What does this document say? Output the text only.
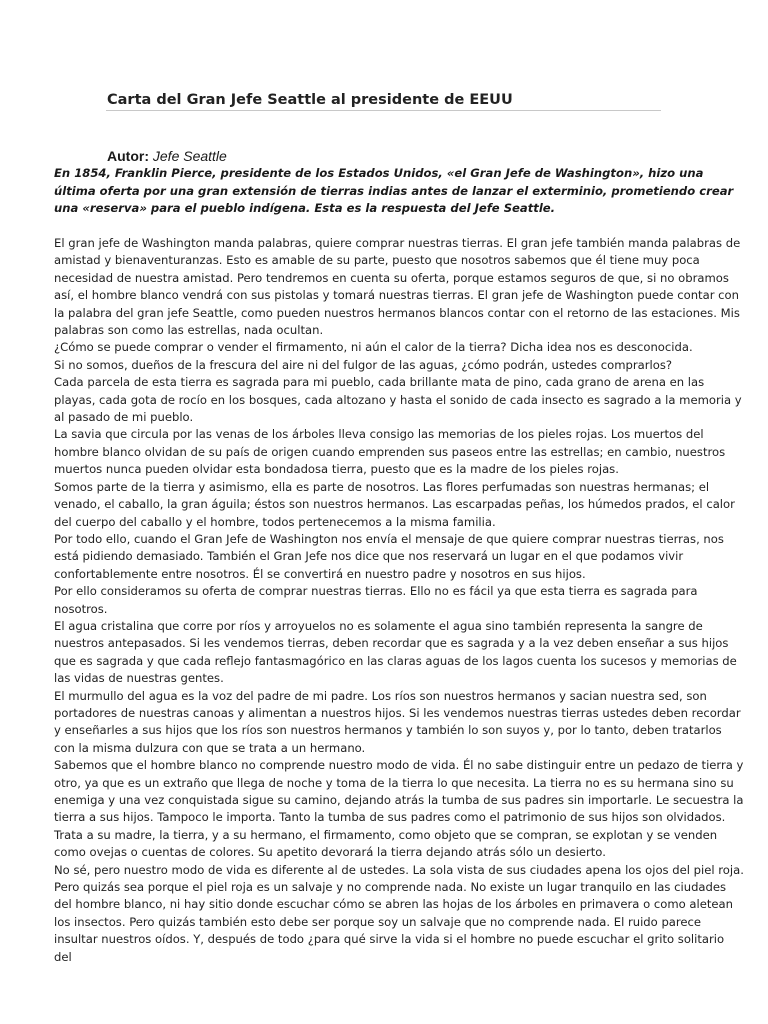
Carta del Gran Jefe Seattle al presidente de EEUU
Autor: Jefe Seattle
En 1854, Franklin Pierce, presidente de los Estados Unidos, «el Gran Jefe de Washington», hizo una última oferta por una gran extensión de tierras indias antes de lanzar el exterminio, prometiendo crear una «reserva» para el pueblo indígena. Esta es la respuesta del Jefe Seattle.

El gran jefe de Washington manda palabras, quiere comprar nuestras tierras. El gran jefe también manda palabras de amistad y bienaventuranzas. Esto es amable de su parte, puesto que nosotros sabemos que él tiene muy poca necesidad de nuestra amistad. Pero tendremos en cuenta su oferta, porque estamos seguros de que, si no obramos así, el hombre blanco vendrá con sus pistolas y tomará nuestras tierras. El gran jefe de Washington puede contar con la palabra del gran jefe Seattle, como pueden nuestros hermanos blancos contar con el retorno de las estaciones. Mis palabras son como las estrellas, nada ocultan.

¿Cómo se puede comprar o vender el firmamento, ni aún el calor de la tierra? Dicha idea nos es desconocida.

Si no somos, dueños de la frescura del aire ni del fulgor de las aguas, ¿cómo podrán, ustedes comprarlos?

Cada parcela de esta tierra es sagrada para mi pueblo, cada brillante mata de pino, cada grano de arena en las playas, cada gota de rocío en los bosques, cada altozano y hasta el sonido de cada insecto es sagrado a la memoria y al pasado de mi pueblo.

La savia que circula por las venas de los árboles lleva consigo las memorias de los pieles rojas. Los muertos del hombre blanco olvidan de su país de origen cuando emprenden sus paseos entre las estrellas; en cambio, nuestros muertos nunca pueden olvidar esta bondadosa tierra, puesto que es la madre de los pieles rojas.

Somos parte de la tierra y asimismo, ella es parte de nosotros. Las flores perfumadas son nuestras hermanas; el venado, el caballo, la gran águila; éstos son nuestros hermanos. Las escarpadas peñas, los húmedos prados, el calor del cuerpo del caballo y el hombre, todos pertenecemos a la misma familia.

Por todo ello, cuando el Gran Jefe de Washington nos envía el mensaje de que quiere comprar nuestras tierras, nos está pidiendo demasiado. También el Gran Jefe nos dice que nos reservará un lugar en el que podamos vivir confortablemente entre nosotros. Él se convertirá en nuestro padre y nosotros en sus hijos.

Por ello consideramos su oferta de comprar nuestras tierras. Ello no es fácil ya que esta tierra es sagrada para nosotros.

El agua cristalina que corre por ríos y arroyuelos no es solamente el agua sino también representa la sangre de nuestros antepasados. Si les vendemos tierras, deben recordar que es sagrada y a la vez deben enseñar a sus hijos que es sagrada y que cada reflejo fantasmagórico en las claras aguas de los lagos cuenta los sucesos y memorias de las vidas de nuestras gentes.

El murmullo del agua es la voz del padre de mi padre. Los ríos son nuestros hermanos y sacian nuestra sed, son portadores de nuestras canoas y alimentan a nuestros hijos. Si les vendemos nuestras tierras ustedes deben recordar y enseñarles a sus hijos que los ríos son nuestros hermanos y también lo son suyos y, por lo tanto, deben tratarlos con la misma dulzura con que se trata a un hermano.

Sabemos que el hombre blanco no comprende nuestro modo de vida. Él no sabe distinguir entre un pedazo de tierra y otro, ya que es un extraño que llega de noche y toma de la tierra lo que necesita. La tierra no es su hermana sino su enemiga y una vez conquistada sigue su camino, dejando atrás la tumba de sus padres sin importarle. Le secuestra la tierra a sus hijos. Tampoco le importa. Tanto la tumba de sus padres como el patrimonio de sus hijos son olvidados. Trata a su madre, la tierra, y a su hermano, el firmamento, como objeto que se compran, se explotan y se venden como ovejas o cuentas de colores. Su apetito devorará la tierra dejando atrás sólo un desierto.

No sé, pero nuestro modo de vida es diferente al de ustedes. La sola vista de sus ciudades apena los ojos del piel roja. Pero quizás sea porque el piel roja es un salvaje y no comprende nada. No existe un lugar tranquilo en las ciudades del hombre blanco, ni hay sitio donde escuchar cómo se abren las hojas de los árboles en primavera o como aletean los insectos. Pero quizás también esto debe ser porque soy un salvaje que no comprende nada. El ruido parece insultar nuestros oídos. Y, después de todo ¿para qué sirve la vida si el hombre no puede escuchar el grito solitario del
